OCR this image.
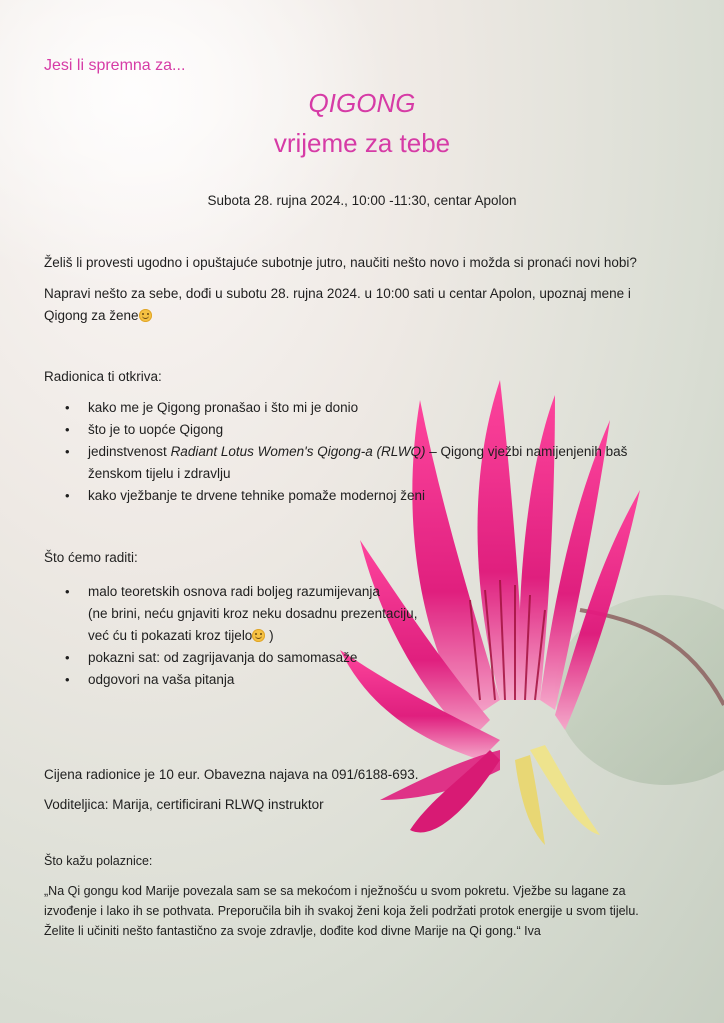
Jesi li spremna za...
QIGONG
vrijeme za tebe
Subota 28. rujna 2024., 10:00 -11:30, centar Apolon
Želiš li provesti ugodno i opuštajuće subotnje jutro, naučiti nešto novo i možda si pronaći novi hobi?
Napravi nešto za sebe, dođi u subotu 28. rujna 2024. u 10:00 sati u centar Apolon, upoznaj mene i
Qigong za žene
Radionica ti otkriva:
• kako me je Qigong pronašao i što mi je donio
• što je to uopće Qigong
• jedinstvenost Radiant Lotus Women's Qigong-a (RLWQ) – Qigong vježbi namijenjenih baš
ženskom tijelu i zdravlju
• kako vježbanje te drvene tehnike pomaže modernoj ženi
Što ćemo raditi:
• malo teoretskih osnova radi boljeg razumijevanja
(ne brini, neću gnjaviti kroz neku dosadnu prezentaciju,
već ću ti pokazati kroz tijelo )
• pokazni sat: od zagrijavanja do samomasaže
• odgovori na vaša pitanja
Cijena radionice je 10 eur. Obavezna najava na 091/6188-693.
Voditeljica: Marija, certificirani RLWQ instruktor
Što kažu polaznice:
„Na Qi gongu kod Marije povezala sam se sa mekoćom i nježnošću u svom pokretu. Vježbe su lagane za
izvođenje i lako ih se pothvata. Preporučila bih ih svakoj ženi koja želi podržati protok energije u svom tijelu.
Želite li učiniti nešto fantastično za svoje zdravlje, dođite kod divne Marije na Qi gong.“ Iva
